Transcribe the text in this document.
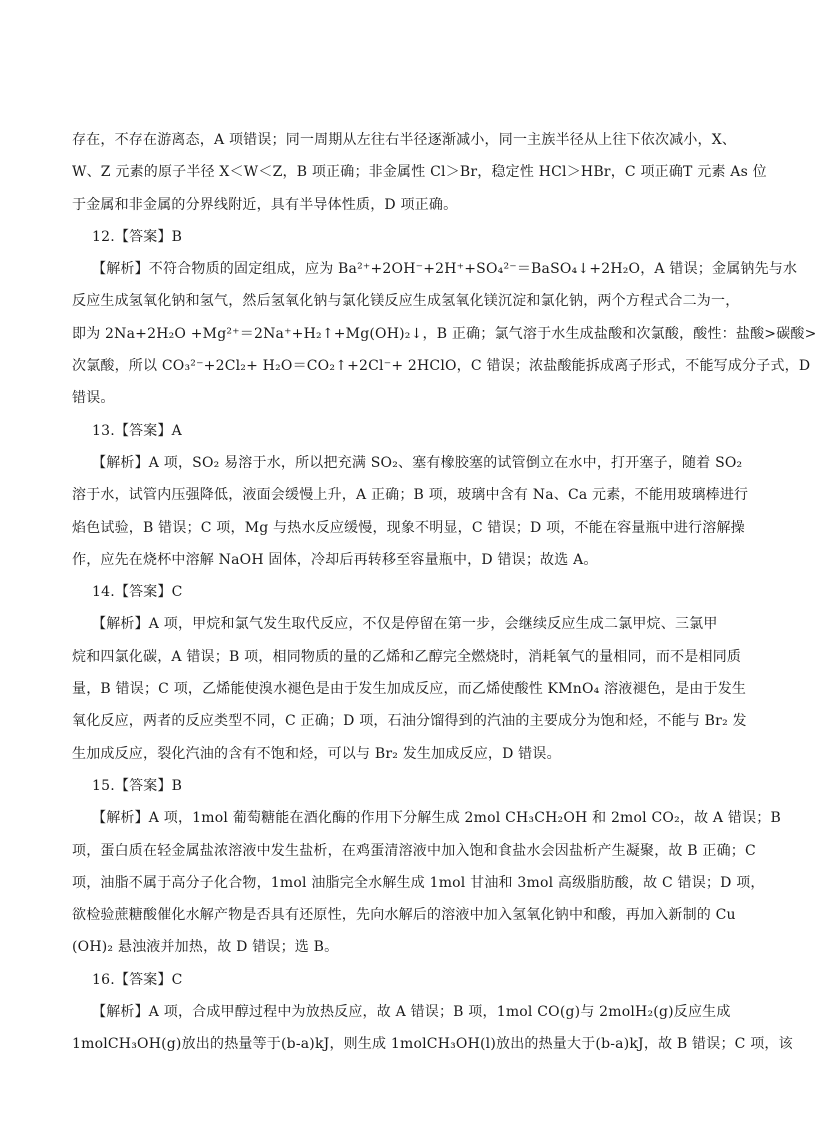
存在，不存在游离态，A 项错误；同一周期从左往右半径逐渐减小，同一主族半径从上往下依次减小，X、
W、Z 元素的原子半径 X＜W＜Z，B 项正确；非金属性 Cl＞Br，稳定性 HCl＞HBr，C 项正确T 元素 As 位
于金属和非金属的分界线附近，具有半导体性质，D 项正确。
12.【答案】B
【解析】不符合物质的固定组成，应为 Ba²⁺+2OH⁻+2H⁺+SO₄²⁻＝BaSO₄↓+2H₂O，A 错误；金属钠先与水
反应生成氢氧化钠和氢气，然后氢氧化钠与氯化镁反应生成氢氧化镁沉淀和氯化钠，两个方程式合二为一，
即为 2Na+2H₂O +Mg²⁺＝2Na⁺+H₂↑+Mg(OH)₂↓，B 正确；氯气溶于水生成盐酸和次氯酸，酸性：盐酸>碳酸>
次氯酸，所以 CO₃²⁻+2Cl₂+ H₂O＝CO₂↑+2Cl⁻+ 2HClO，C 错误；浓盐酸能拆成离子形式，不能写成分子式，D
错误。
13.【答案】A
【解析】A 项，SO₂ 易溶于水，所以把充满 SO₂、塞有橡胶塞的试管倒立在水中，打开塞子，随着 SO₂
溶于水，试管内压强降低，液面会缓慢上升，A 正确；B 项，玻璃中含有 Na、Ca 元素，不能用玻璃棒进行
焰色试验，B 错误；C 项，Mg 与热水反应缓慢，现象不明显，C 错误；D 项，不能在容量瓶中进行溶解操
作，应先在烧杯中溶解 NaOH 固体，冷却后再转移至容量瓶中，D 错误；故选 A。
14.【答案】C
【解析】A 项，甲烷和氯气发生取代反应，不仅是停留在第一步，会继续反应生成二氯甲烷、三氯甲
烷和四氯化碳，A 错误；B 项，相同物质的量的乙烯和乙醇完全燃烧时，消耗氧气的量相同，而不是相同质
量，B 错误；C 项，乙烯能使溴水褪色是由于发生加成反应，而乙烯使酸性 KMnO₄ 溶液褪色，是由于发生
氧化反应，两者的反应类型不同，C 正确；D 项，石油分馏得到的汽油的主要成分为饱和烃，不能与 Br₂ 发
生加成反应，裂化汽油的含有不饱和烃，可以与 Br₂ 发生加成反应，D 错误。
15.【答案】B
【解析】A 项，1mol 葡萄糖能在酒化酶的作用下分解生成 2mol CH₃CH₂OH 和 2mol CO₂，故 A 错误；B
项，蛋白质在轻金属盐浓溶液中发生盐析，在鸡蛋清溶液中加入饱和食盐水会因盐析产生凝聚，故 B 正确；C
项，油脂不属于高分子化合物，1mol 油脂完全水解生成 1mol 甘油和 3mol 高级脂肪酸，故 C 错误；D 项，
欲检验蔗糖酸催化水解产物是否具有还原性，先向水解后的溶液中加入氢氧化钠中和酸，再加入新制的 Cu
(OH)₂ 悬浊液并加热，故 D 错误；选 B。
16.【答案】C
【解析】A 项，合成甲醇过程中为放热反应，故 A 错误；B 项，1mol CO(g)与 2molH₂(g)反应生成
1molCH₃OH(g)放出的热量等于(b-a)kJ，则生成 1molCH₃OH(l)放出的热量大于(b-a)kJ，故 B 错误；C 项，该
